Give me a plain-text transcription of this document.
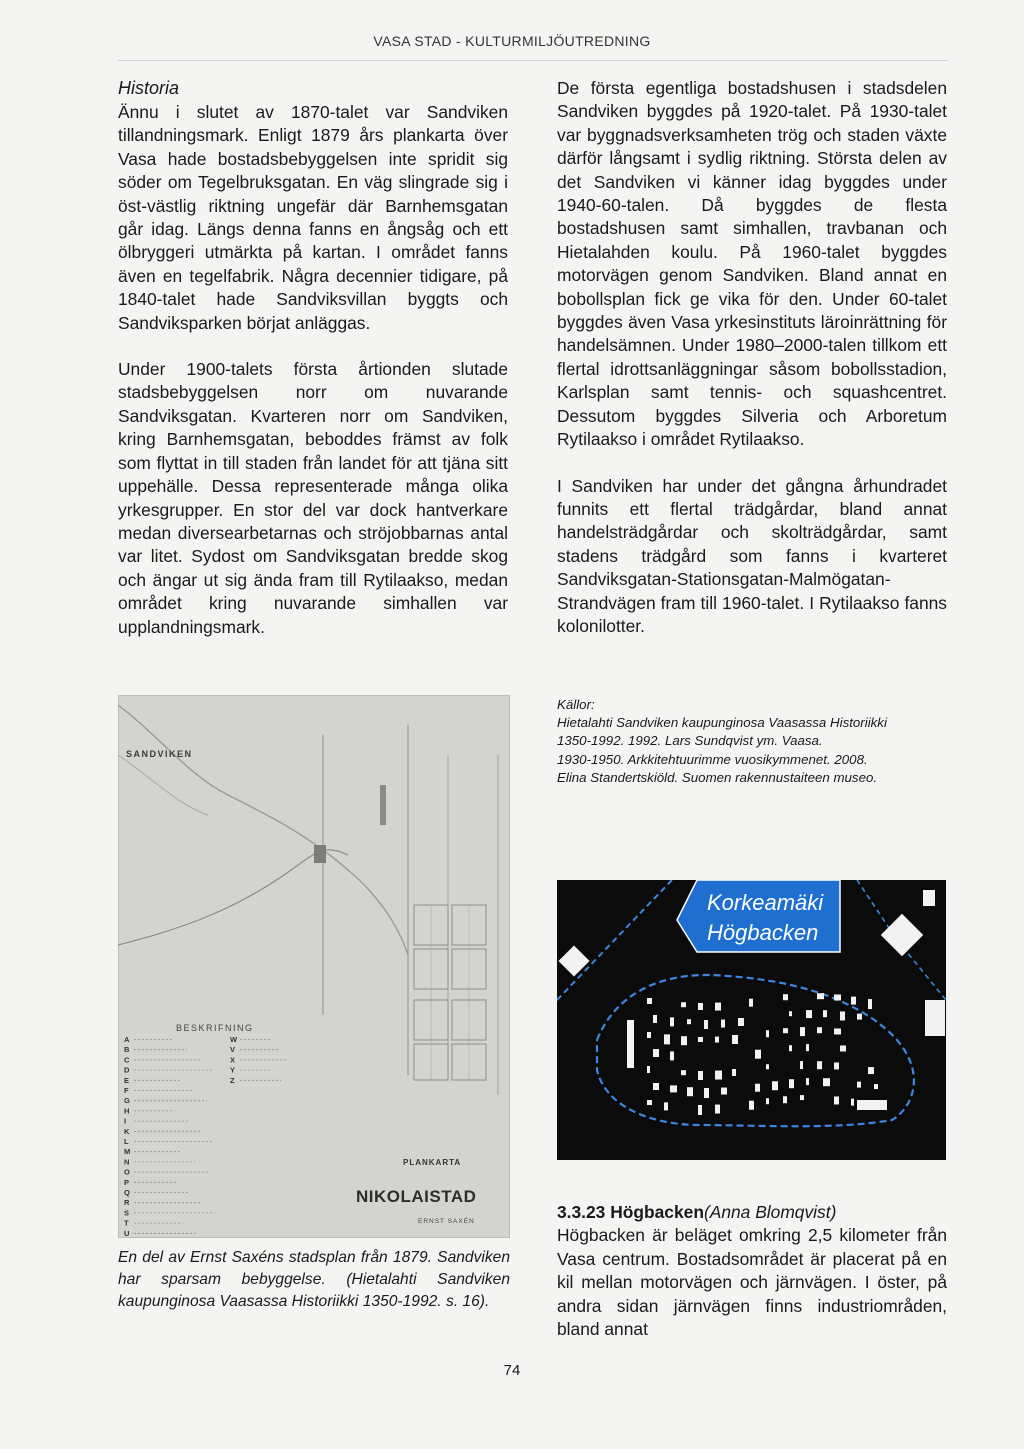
VASA STAD - KULTURMILJÖUTREDNING
Historia

Ännu i slutet av 1870-talet var Sandviken tillandningsmark. Enligt 1879 års plankarta över Vasa hade bostadsbebyggelsen inte spridit sig söder om Tegelbruksgatan. En väg slingrade sig i öst-västlig riktning ungefär där Barnhemsgatan går idag. Längs denna fanns en ångsåg och ett ölbryggeri utmärkta på kartan. I området fanns även en tegelfabrik. Några decennier tidigare, på 1840-talet hade Sandviksvillan byggts och Sandviksparken börjat anläggas.

Under 1900-talets första årtionden slutade stadsbebyggelsen norr om nuvarande Sandviksgatan. Kvarteren norr om Sandviken, kring Barnhemsgatan, beboddes främst av folk som flyttat in till staden från landet för att tjäna sitt uppehälle. Dessa representerade många olika yrkesgrupper. En stor del var dock hantverkare medan diversearbetarnas och ströjobbarnas antal var litet. Sydost om Sandviksgatan bredde skog och ängar ut sig ända fram till Rytilaakso, medan området kring nuvarande simhallen var upplandningsmark.

De första egentliga bostadshusen i stadsdelen Sandviken byggdes på 1920-talet. På 1930-talet var byggnadsverksamheten trög och staden växte därför långsamt i sydlig riktning. Största delen av det Sandviken vi känner idag byggdes under 1940-60-talen. Då byggdes de flesta bostadshusen samt simhallen, travbanan och Hietalahden koulu. På 1960-talet byggdes motorvägen genom Sandviken. Bland annat en bobollsplan fick ge vika för den. Under 60-talet byggdes även Vasa yrkesinstituts läroinrättning för handelsämnen. Under 1980–2000-talen tillkom ett flertal idrottsanläggningar såsom bobollsstadion, Karlsplan samt tennis- och squashcentret. Dessutom byggdes Silveria och Arboretum Rytilaakso i området Rytilaakso.

I Sandviken har under det gångna århundradet funnits ett flertal trädgårdar, bland annat handelsträdgårdar och skolträdgårdar, samt stadens trädgård som fanns i kvarteret Sandviksgatan-Stationsgatan-Malmögatan-Strandvägen fram till 1960-talet. I Rytilaakso fanns kolonilotter.

Källor:
Hietalahti Sandviken kaupunginosa Vaasassa Historiikki
1350-1992. 1992. Lars Sundqvist ym. Vaasa.
1930-1950. Arkkitehtuurimme vuosikymmenet. 2008.
Elina Standertskiöld. Suomen rakennustaiteen museo.
SANDVIKEN
BESKRIFNING
A
B
C
D
E
F
G
H
I
K
L
M
N
O
P
Q
R
S
T
U
W
V
X
Y
Z
PLANKARTA
NIKOLAISTAD
ERNST SAXÉN
En del av Ernst Saxéns stadsplan från 1879. Sandviken har sparsam bebyggelse. (Hietalahti Sandviken kaupunginosa Vaasassa Historiikki 1350-1992. s. 16).
Korkeamäki
Högbacken
3.3.23 Högbacken(Anna Blomqvist)

Högbacken är beläget omkring 2,5 kilometer från Vasa centrum. Bostadsområdet är placerat på en kil mellan motorvägen och järnvägen. I öster, på andra sidan järnvägen finns industriområden, bland annat

74
